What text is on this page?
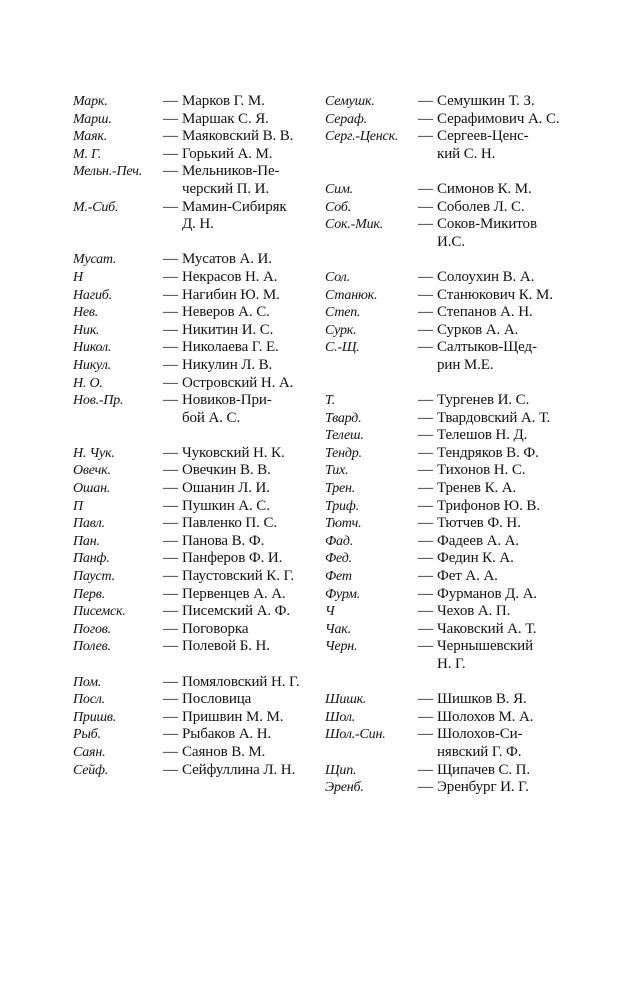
Марк.	— Марков Г. М.
Марш.	— Маршак С. Я.
Маяк.	— Маяковский В. В.
М. Г.	— Горький А. М.
Мельн.-Печ.	— Мельников-Пе-
черский П. И.
М.-Сиб.	— Мамин-Сибиряк
Д. Н.
Мусат.	— Мусатов А. И.
Н	— Некрасов Н. А.
Нагиб.	— Нагибин Ю. М.
Нев.	— Неверов А. С.
Ник.	— Никитин И. С.
Никол.	— Николаева Г. Е.
Никул.	— Никулин Л. В.
Н. О.	— Островский Н. А.
Нов.-Пр.	— Новиков-При-
бой А. С.
Н. Чук.	— Чуковский Н. К.
Овечк.	— Овечкин В. В.
Ошан.	— Ошанин Л. И.
П	— Пушкин А. С.
Павл.	— Павленко П. С.
Пан.	— Панова В. Ф.
Панф.	— Панферов Ф. И.
Пауст.	— Паустовский К. Г.
Перв.	— Первенцев А. А.
Писемск.	— Писемский А. Ф.
Погов.	— Поговорка
Полев.	— Полевой Б. Н.
Пом.	— Помяловский Н. Г.
Посл.	— Пословица
Пришв.	— Пришвин М. М.
Рыб.	— Рыбаков А. Н.
Саян.	— Саянов В. М.
Сейф.	— Сейфуллина Л. Н.
Семушк.	— Семушкин Т. З.
Сераф.	— Серафимович А. С.
Серг.-Ценск.	— Сергеев-Ценс-
кий С. Н.
Сим.	— Симонов К. М.
Соб.	— Соболев Л. С.
Сок.-Мик.	— Соков-Микитов
И.С.
Сол.	— Солоухин В. А.
Станюк.	— Станюкович К. М.
Степ.	— Степанов А. Н.
Сурк.	— Сурков А. А.
С.-Щ.	— Салтыков-Щед-
рин М.Е.
Т.	— Тургенев И. С.
Твард.	— Твардовский А. Т.
Телеш.	— Телешов Н. Д.
Тендр.	— Тендряков В. Ф.
Тих.	— Тихонов Н. С.
Трен.	— Тренев К. А.
Триф.	— Трифонов Ю. В.
Тютч.	— Тютчев Ф. Н.
Фад.	— Фадеев А. А.
Фед.	— Федин К. А.
Фет	— Фет А. А.
Фурм.	— Фурманов Д. А.
Ч	— Чехов А. П.
Чак.	— Чаковский А. Т.
Черн.	— Чернышевский
Н. Г.
Шишк.	— Шишков В. Я.
Шол.	— Шолохов М. А.
Шол.-Син.	— Шолохов-Си-
нявский Г. Ф.
Щип.	— Щипачев С. П.
Эренб.	— Эренбург И. Г.
